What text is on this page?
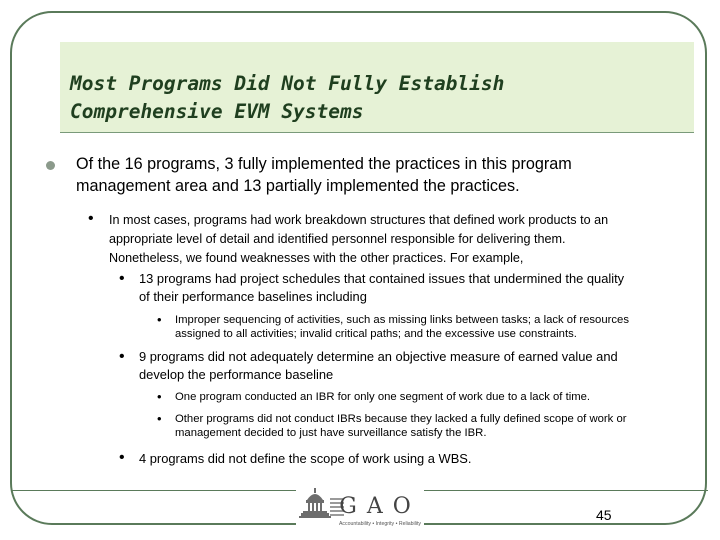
Most Programs Did Not Fully Establish
Comprehensive EVM Systems
Of the 16 programs, 3 fully implemented the practices in this program
management area and 13 partially implemented the practices.
• In most cases, programs had work breakdown structures that defined work products to an
appropriate level of detail and identified personnel responsible for delivering them.
Nonetheless, we found weaknesses with the other practices. For example,
• 13 programs had project schedules that contained issues that undermined the quality
of their performance baselines including
• Improper sequencing of activities, such as missing links between tasks; a lack of resources
assigned to all activities; invalid critical paths; and the excessive use constraints.
• 9 programs did not adequately determine an objective measure of earned value and
develop the performance baseline
• One program conducted an IBR for only one segment of work due to a lack of time.
• Other programs did not conduct IBRs because they lacked a fully defined scope of work or
management decided to just have surveillance satisfy the IBR.
• 4 programs did not define the scope of work using a WBS.
GAO
Accountability • Integrity • Reliability
45
